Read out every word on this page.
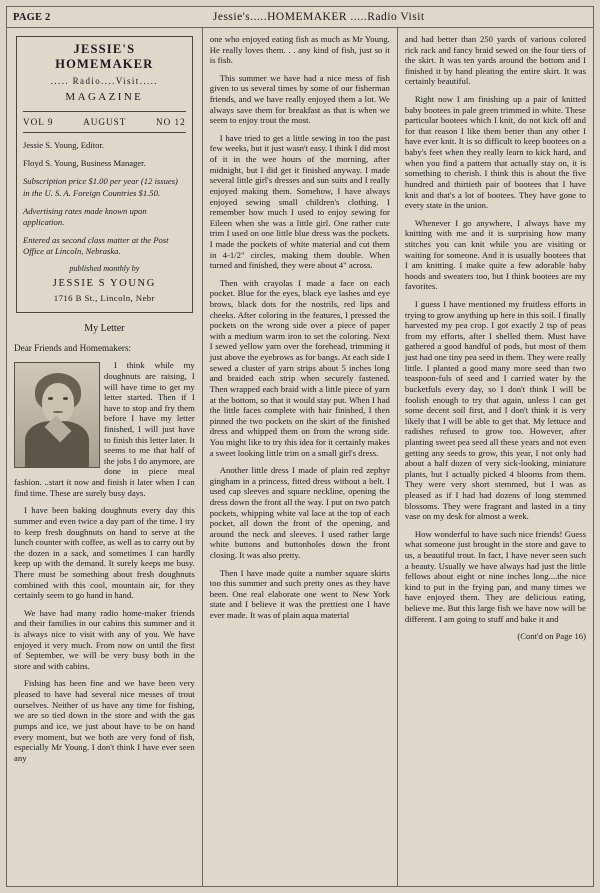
PAGE 2	Jessie's.....HOMEMAKER .....Radio Visit
JESSIE'S HOMEMAKER
..... Radio....Visit.....
MAGAZINE
VOL 9	AUGUST	NO 12

Jessie S. Young, Editor.

Floyd S. Young, Business Manager.

Subscription price $1.00 per year (12 issues) in the U. S. A. Foreign Countries $1.50.

Advertising rates made known upon application.

Entered as second class matter at the Post Office at Lincoln, Nebraska.

published monthly by
JESSIE S YOUNG
1716 B St., Lincoln, Nebr
My Letter
Dear Friends and Homemakers:

I think while my doughnuts are raising, I will have time to get my letter started. Then if I have to stop and fry them before I have my letter finished, I will just have to finish this letter later. It seems to me that half of the jobs I do anymore, are done in piece meal fashion. ..start it now and finish it later when I can find time. These are surely busy days.

I have been baking doughnuts every day this summer and even twice a day part of the time. I try to keep fresh doughnuts on hand to serve at the lunch counter with coffee, as well as to carry out by the dozen in a sack, and sometimes I can hardly keep up with the demand. It surely keeps me busy. There must be something about fresh doughnuts combined with this cool, mountain air, for they certainly seem to go hand in hand.

We have had many radio home-maker friends and their families in our cabins this summer and it is always nice to visit with any of you. We have enjoyed it very much. From now on until the first of September, we will be very busy both in the store and with cabins.

Fishing has been fine and we have been very pleased to have had several nice messes of trout ourselves. Neither of us have any time for fishing, we are so tied down in the store and with the gas pumps and ice, we just about have to be on hand every moment, but we both are very fond of fish, especially Mr Young. I don't think I have ever seen any

one who enjoyed eating fish as much as Mr Young. He really loves them. . . any kind of fish, just so it is fish.

This summer we have had a nice mess of fish given to us several times by some of our fisherman friends, and we have really enjoyed them a lot. We always save them for breakfast as that is when we seem to enjoy trout the most.

I have tried to get a little sewing in too the past few weeks, but it just wasn't easy. I think I did most of it in the wee hours of the morning, after midnight, but I did get it finished anyway. I made several little girl's dresses and sun suits and I really enjoyed making them. Somehow, I have always enjoyed sewing small children's clothing. I remember how much I used to enjoy sewing for Eileen when she was a little girl. One rather cute trim I used on one little blue dress was the pockets. I made the pockets of white material and cut them in 4-1/2" circles, making them double. When turned and finished, they were about 4" across.

Then with crayolas I made a face on each pocket. Blue for the eyes, black eye lashes and eye brows, black dots for the nostrils, red lips and cheeks. After coloring in the features, I pressed the pockets on the wrong side over a piece of paper with a medium warm iron to set the coloring. Next I sewed yellow yarn over the forehead, trimming it just above the eyebrows as for bangs. At each side I sewed a cluster of yarn strips about 5 inches long and braided each strip when securely fastened. Then wrapped each braid with a little piece of yarn at the bottom, so that it would stay put. When I had the little faces complete with hair finished, I then pinned the two pockets on the skirt of the finished dress and whipped them on from the wrong side. You might like to try this idea for it certainly makes a sweet looking little trim on a small girl's dress.

Another little dress I made of plain red zephyr gingham in a princess, fitted dress without a belt. I used cap sleeves and square neckline, opening the dress down the front all the way. I put on two patch pockets, whipping white val lace at the top of each pocket, all down the front of the opening, and around the neck and sleeves. I used rather large white buttons and buttonholes down the front closing. It was also pretty.

Then I have made quite a number square skirts too this summer and such pretty ones as they have been. One real elaborate one went to New York state and I believe it was the prettiest one I have ever made. It was of plain aqua material

and had better than 250 yards of various colored rick rack and fancy braid sewed on the four tiers of the skirt. It was ten yards around the bottom and I finished it by hand pleating the entire skirt. It was certainly beautiful.

Right now I am finishing up a pair of knitted baby bootees in pale green trimmed in white. These particular bootees which I knit, do not kick off and for that reason I like them better than any other I have ever knit. It is so difficult to keep bootees on a baby's feet when they really learn to kick hard, and when you find a pattern that actually stay on, it is something to cherish. I think this is about the five hundred and thirtieth pair of bootees that I have knit and that's a lot of bootees. They have gone to every state in the union.

Whenever I go anywhere, I always have my knitting with me and it is surprising how many stitches you can knit while you are visiting or waiting for someone. And it is usually bootees that I am knitting. I make quite a few adorable baby hoods and sweaters too, but I think bootees are my favorites.

I guess I have mentioned my fruitless efforts in trying to grow anything up here in this soil. I finally harvested my pea crop. I got exactly 2 tsp of peas from my efforts, after I shelled them. Must have gathered a good handful of pods, but most of them just had one tiny pea seed in them. They were really little. I planted a good many more seed than two teaspoon-fuls of seed and I carried water by the bucketfuls every day, so I don't think I will be foolish enough to try that again, unless I can get some decent soil first, and I don't think it is very likely that I will be able to get that. My lettuce and radishes refused to grow too. However, after planting sweet pea seed all these years and not even getting any seeds to grow, this year, I not only had about a half dozen of very sick-looking, miniature plants, but I actually picked 4 blooms from them. They were very short stemmed, but I was as pleased as if I had had dozens of long stemmed blossoms. They were fragrant and lasted in a tiny vase on my desk for almost a week.

How wonderful to have such nice friends! Guess what someone just brought in the store and gave to us, a beautiful trout. In fact, I have never seen such a beauty. Usually we have always had just the little fellows about eight or nine inches long....the nice kind to put in the frying pan, and many times we have enjoyed them. They are delicious eating, believe me. But this large fish we have now will be different. I am going to stuff and bake it and

(Cont'd on Page 16)
